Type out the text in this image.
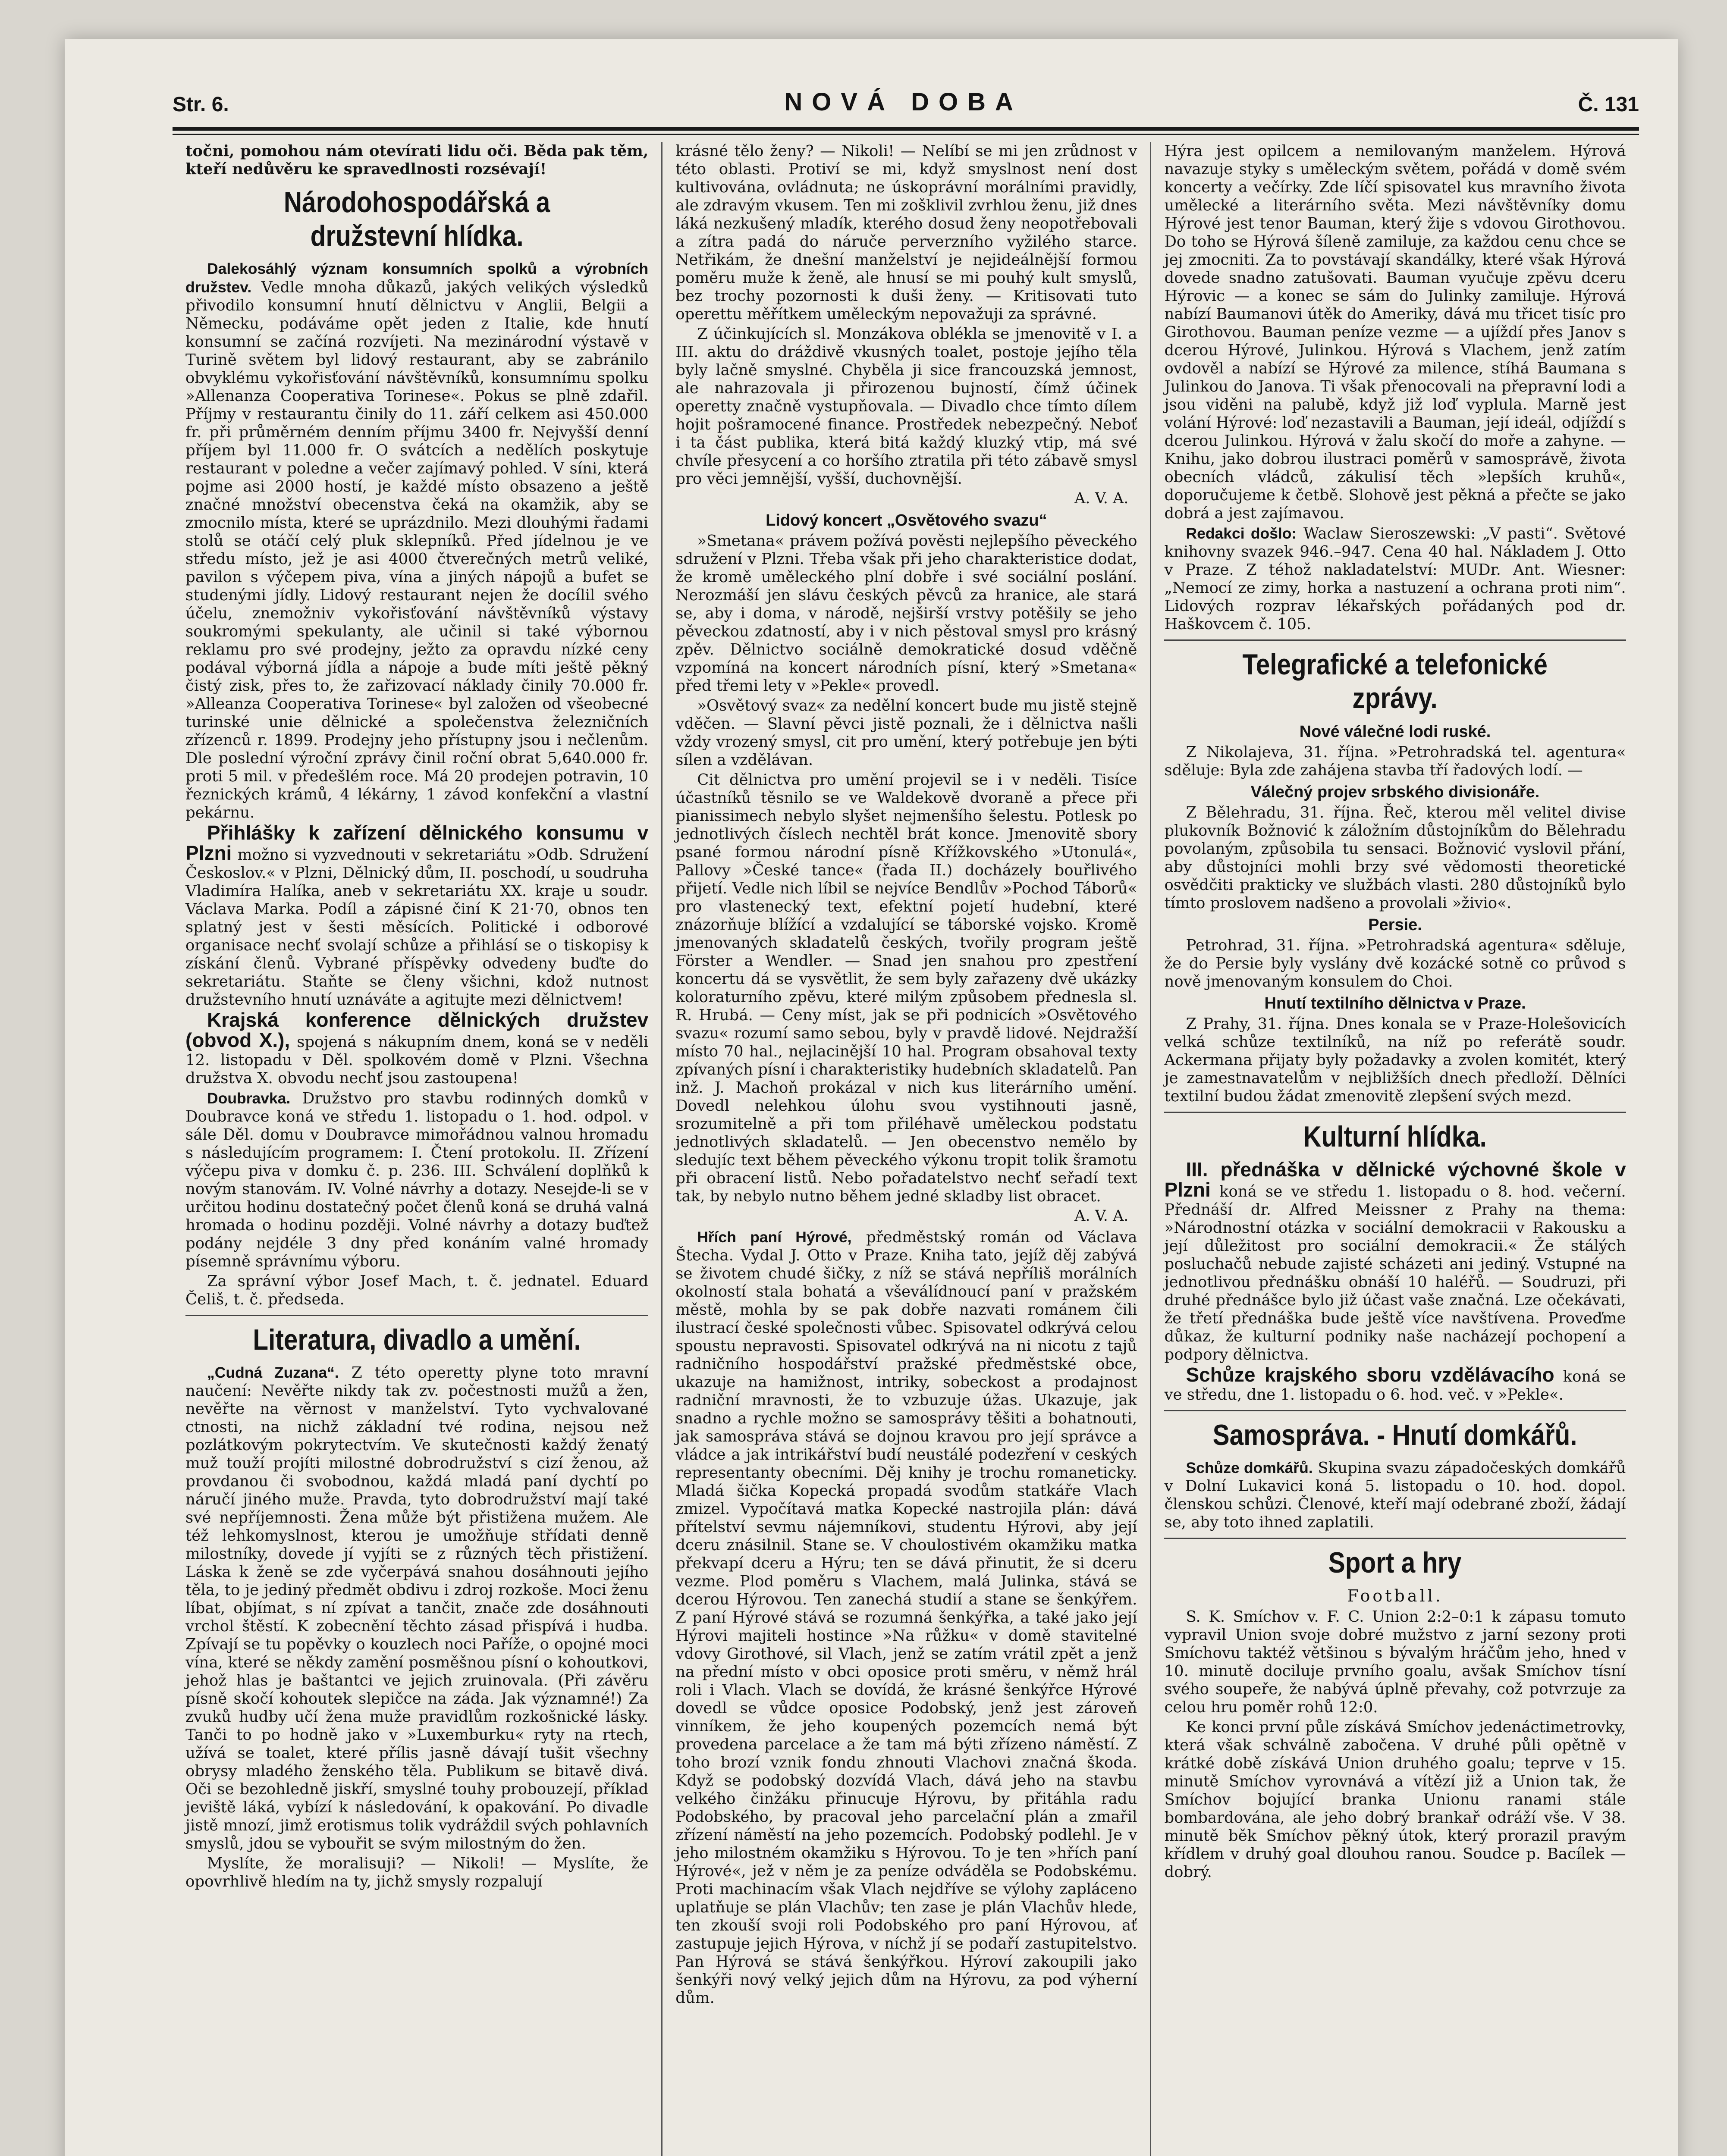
Str. 6.	NOVÁ DOBA	Č. 131

točni, pomohou nám otevírati lidu oči. Běda pak těm, kteří nedůvěru ke spravedlnosti rozsévají!

Národohospodářská a družstevní hlídka.

Dalekosáhlý význam konsumních spolků a výrobních družstev. Vedle mnoha důkazů, jakých velikých výsledků přivodilo konsumní hnutí dělnictvu v Anglii, Belgii a Německu, podáváme opět jeden z Italie, kde hnutí konsumní se začíná rozvíjeti. Na mezinárodní výstavě v Turině světem byl lidový restaurant, aby se zabránilo obvyklému vykořisťování návštěvníků, konsumnímu spolku »Allenanza Cooperativa Torinese«. Pokus se plně zdařil. Příjmy v restaurantu činily do 11. září celkem asi 450.000 fr. při průměrném denním příjmu 3400 fr. Nejvyšší denní příjem byl 11.000 fr. O svátcích a nedělích poskytuje restaurant v poledne a večer zajímavý pohled. V síni, která pojme asi 2000 hostí, je každé místo obsazeno a ještě značné množství obecenstva čeká na okamžik, aby se zmocnilo místa, které se uprázdnilo. Mezi dlouhými řadami stolů se otáčí celý pluk sklepníků. Před jídelnou je ve středu místo, jež je asi 4000 čtverečných metrů veliké, pavilon s výčepem piva, vína a jiných nápojů a bufet se studenými jídly. Lidový restaurant nejen že docílil svého účelu, znemožniv vykořisťování návštěvníků výstavy soukromými spekulanty, ale učinil si také výbornou reklamu pro své prodejny, ježto za opravdu nízké ceny podával výborná jídla a nápoje a bude míti ještě pěkný čistý zisk, přes to, že zařizovací náklady činily 70.000 fr. »Alleanza Cooperativa Torinese« byl založen od všeobecné turinské unie dělnické a společenstva železničních zřízenců r. 1899. Prodejny jeho přístupny jsou i nečlenům. Dle poslední výroční zprávy činil roční obrat 5,640.000 fr. proti 5 mil. v předešlém roce. Má 20 prodejen potravin, 10 řeznických krámů, 4 lékárny, 1 závod konfekční a vlastní pekárnu.

Přihlášky k zařízení dělnického konsumu v Plzni možno si vyzvednouti v sekretariátu »Odb. Sdružení Českoslov.« v Plzni, Dělnický dům, II. poschodí, u soudruha Vladimíra Halíka, aneb v sekretariátu XX. kraje u soudr. Václava Marka. Podíl a zápisné činí K 21·70, obnos ten splatný jest v šesti měsících. Politické i odborové organisace nechť svolají schůze a přihlásí se o tiskopisy k získání členů. Vybrané příspěvky odvedeny buďte do sekretariátu. Staňte se členy všichni, kdož nutnost družstevního hnutí uznáváte a agitujte mezi dělnictvem!

Krajská konference dělnických družstev (obvod X.), spojená s nákupním dnem, koná se v neděli 12. listopadu v Děl. spolkovém domě v Plzni. Všechna družstva X. obvodu nechť jsou zastoupena!

Doubravka. Družstvo pro stavbu rodinných domků v Doubravce koná ve středu 1. listopadu o 1. hod. odpol. v sále Děl. domu v Doubravce mimořádnou valnou hromadu s následujícím programem: I. Čtení protokolu. II. Zřízení výčepu piva v domku č. p. 236. III. Schválení doplňků k novým stanovám. IV. Volné návrhy a dotazy. Nesejde-li se v určitou hodinu dostatečný počet členů koná se druhá valná hromada o hodinu později. Volné návrhy a dotazy buďtež podány nejdéle 3 dny před konáním valné hromady písemně správnímu výboru.

Za správní výbor Josef Mach, t. č. jednatel. Eduard Čeliš, t. č. předseda.

Literatura, divadlo a umění.

„Cudná Zuzana“. Z této operetty plyne toto mravní naučení: Nevěřte nikdy tak zv. počestnosti mužů a žen, nevěřte na věrnost v manželství. Tyto vychvalované ctnosti, na nichž základní tvé rodina, nejsou než pozlátkovým pokrytectvím. Ve skutečnosti každý ženatý muž touží projíti milostné dobrodružství s cizí ženou, až provdanou či svobodnou, každá mladá paní dychtí po náručí jiného muže. Pravda, tyto dobrodružství mají také své nepříjemnosti. Žena může být přistižena mužem. Ale též lehkomyslnost, kterou je umožňuje střídati denně milostníky, dovede jí vyjíti se z různých těch přistižení. Láska k ženě se zde vyčerpává snahou dosáhnouti jejího těla, to je jediný předmět obdivu i zdroj rozkoše. Moci ženu líbat, objímat, s ní zpívat a tančit, znače zde dosáhnouti vrchol štěstí. K zobecnění těchto zásad přispívá i hudba. Zpívají se tu popěvky o kouzlech noci Paříže, o opojné moci vína, které se někdy zamění posměšnou písní o kohoutkovi, jehož hlas je baštantci ve jejich zruinovala. (Při závěru písně skočí kohoutek slepičce na záda. Jak významné!) Za zvuků hudby učí žena muže pravidlům rozkošnické lásky. Tanči to po hodně jako v »Luxemburku« ryty na rtech, užívá se toalet, které přílis jasně dávají tušit všechny obrysy mladého ženského těla. Publikum se bitavě divá. Oči se bezohledně jiskří, smyslné touhy probouzejí, příklad jeviště láká, vybízí k následování, k opakování. Po divadle jistě mnozí, jimž erotismus tolik vydráždil svých pohlavních smyslů, jdou se vybouřit se svým milostným do žen.

Myslíte, že moralisuji? — Nikoli! — Myslíte, že opovrhlivě hledím na ty, jichž smysly rozpalují

krásné tělo ženy? — Nikoli! — Nelíbí se mi jen zrůdnost v této oblasti. Protiví se mi, když smyslnost není dost kultivována, ovládnuta; ne úskoprávní morálními pravidly, ale zdravým vkusem. Ten mi zošklivil zvrhlou ženu, již dnes láká nezkušený mladík, kterého dosud ženy neopotřebovali a zítra padá do náruče perverzního vyžilého starce. Netřikám, že dnešní manželství je nejideálnější formou poměru muže k ženě, ale hnusí se mi pouhý kult smyslů, bez trochy pozornosti k duši ženy. — Kritisovati tuto operettu měřítkem uměleckým nepovažuji za správné.

Z účinkujících sl. Monzákova oblékla se jmenovitě v I. a III. aktu do dráždivě vkusných toalet, postoje jejího těla byly lačně smyslné. Chyběla ji sice francouzská jemnost, ale nahrazovala ji přirozenou bujností, čímž účinek operetty značně vystupňovala. — Divadlo chce tímto dílem hojit pošramocené finance. Prostředek nebezpečný. Neboť i ta část publika, která bitá každý kluzký vtip, má své chvíle přesycení a co horšího ztratila při této zábavě smysl pro věci jemnější, vyšší, duchovnější.

A. V. A.

Lidový koncert „Osvětového svazu“

»Smetana« právem požívá pověsti nejlepšího pěveckého sdružení v Plzni. Třeba však při jeho charakteristice dodat, že kromě uměleckého plní dobře i své sociální poslání. Nerozmáší jen slávu českých pěvců za hranice, ale stará se, aby i doma, v národě, nejširší vrstvy potěšily se jeho pěveckou zdatností, aby i v nich pěstoval smysl pro krásný zpěv. Dělnictvo sociálně demokratické dosud vděčně vzpomíná na koncert národních písní, který »Smetana« před třemi lety v »Pekle« provedl.

»Osvětový svaz« za nedělní koncert bude mu jistě stejně vděčen. — Slavní pěvci jistě poznali, že i dělnictva našli vždy vrozený smysl, cit pro umění, který potřebuje jen býti sílen a vzdělávan.

Cit dělnictva pro umění projevil se i v neděli. Tisíce účastníků těsnilo se ve Waldekově dvoraně a přece při pianissimech nebylo slyšet nejmenšího šelestu. Potlesk po jednotlivých číslech nechtěl brát konce. Jmenovitě sbory psané formou národní písně Křížkovského »Utonulá«, Pallovy »České tance« (řada II.) docházely bouřlivého přijetí. Vedle nich líbil se nejvíce Bendlův »Pochod Táborů« pro vlastenecký text, efektní pojetí hudební, které znázorňuje blížící a vzdalující se táborské vojsko. Kromě jmenovaných skladatelů českých, tvořily program ještě Förster a Wendler. — Snad jen snahou pro zpestření koncertu dá se vysvětlit, že sem byly zařazeny dvě ukázky koloraturního zpěvu, které milým způsobem přednesla sl. R. Hrubá. — Ceny míst, jak se při podnicích »Osvětového svazu« rozumí samo sebou, byly v pravdě lidové. Nejdražší místo 70 hal., nejlacinější 10 hal. Program obsahoval texty zpívaných písní i charakteristiky hudebních skladatelů. Pan inž. J. Machoň prokázal v nich kus literárního umění. Dovedl nelehkou úlohu svou vystihnouti jasně, srozumitelně a při tom přiléhavě uměleckou podstatu jednotlivých skladatelů. — Jen obecenstvo nemělo by sledujíc text během pěveckého výkonu tropit tolik šramotu při obracení listů. Nebo pořadatelstvo nechť seřadí text tak, by nebylo nutno během jedné skladby list obracet.

A. V. A.

Hřích paní Hýrové, předměstský román od Václava Štecha. Vydal J. Otto v Praze. Kniha tato, jejíž děj zabývá se životem chudé šičky, z níž se stává nepříliš morálních okolností stala bohatá a vševálídnoucí paní v pražském městě, mohla by se pak dobře nazvati románem čili ilustrací české společnosti vůbec. Spisovatel odkrývá celou spoustu nepravosti. Spisovatel odkrývá na ni nicotu z tajů radničního hospodářství pražské předměstské obce, ukazuje na hamižnost, intriky, sobeckost a prodajnost radniční mravnosti, že to vzbuzuje úžas. Ukazuje, jak snadno a rychle možno se samosprávy těšiti a bohatnouti, jak samospráva stává se dojnou kravou pro její správce a vládce a jak intrikářství budí neustálé podezření v ceských representanty obecními. Děj knihy je trochu romaneticky. Mladá šička Kopecká propadá svodům statkáře Vlach zmizel. Vypočítavá matka Kopecké nastrojila plán: dává přítelství sevmu nájemníkovi, studentu Hýrovi, aby její dceru znásilnil. Stane se. V choulostivém okamžiku matka překvapí dceru a Hýru; ten se dává přinutit, že si dceru vezme. Plod poměru s Vlachem, malá Julinka, stává se dcerou Hýrovou. Ten zanechá studií a stane se šenkýřem. Z paní Hýrové stává se rozumná šenkýřka, a také jako její Hýrovi majiteli hostince »Na růžku« v domě stavitelné vdovy Girothové, sil Vlach, jenž se zatím vrátil zpět a jenž na přední místo v obci oposice proti směru, v němž hrál roli i Vlach. Vlach se dovídá, že krásné šenkýřce Hýrové dovedl se vůdce oposice Podobský, jenž jest zároveň vinníkem, že jeho koupených pozemcích nemá být provedena parcelace a že tam má býti zřízeno náměstí. Z toho brozí vznik fondu zhnouti Vlachovi značná škoda. Když se podobský dozvídá Vlach, dává jeho na stavbu velkého činžáku přinucuje Hýrovu, by přitáhla radu Podobského, by pracoval jeho parcelační plán a zmařil zřízení náměstí na jeho pozemcích. Podobský podlehl. Je v jeho milostném okamžiku s Hýrovou. To je ten »hřích paní Hýrové«, jež v něm je za peníze odváděla se Podobskému. Proti machinacím však Vlach nejdříve se výlohy zapláceno uplatňuje se plán Vlachův; ten zase je plán Vlachův hlede, ten zkouší svoji roli Podobského pro paní Hýrovou, ať zastupuje jejich Hýrova, v níchž jí se podaří zastupitelstvo. Pan Hýrová se stává šenkýřkou. Hýroví zakoupili jako šenkýři nový velký jejich dům na Hýrovu, za pod výherní dům.

Hýra jest opilcem a nemilovaným manželem. Hýrová navazuje styky s uměleckým světem, pořádá v domě svém koncerty a večírky. Zde líčí spisovatel kus mravního života umělecké a literárního světa. Mezi návštěvníky domu Hýrové jest tenor Bauman, který žije s vdovou Girothovou. Do toho se Hýrová šíleně zamiluje, za každou cenu chce se jej zmocniti. Za to povstávají skandálky, které však Hýrová dovede snadno zatušovati. Bauman vyučuje zpěvu dceru Hýrovic — a konec se sám do Julinky zamiluje. Hýrová nabízí Baumanovi útěk do Ameriky, dává mu třicet tisíc pro Girothovou. Bauman peníze vezme — a ujíždí přes Janov s dcerou Hýrové, Julinkou. Hýrová s Vlachem, jenž zatím ovdověl a nabízí se Hýrové za milence, stíhá Baumana s Julinkou do Janova. Ti však přenocovali na přepravní lodi a jsou viděni na palubě, když již loď vyplula. Marně jest volání Hýrové: loď nezastavili a Bauman, její ideál, odjíždí s dcerou Julinkou. Hýrová v žalu skočí do moře a zahyne. — Knihu, jako dobrou ilustraci poměrů v samosprávě, života obecních vládců, zákulisí těch »lepších kruhů«, doporučujeme k četbě. Slohově jest pěkná a přečte se jako dobrá a jest zajímavou.

Redakci došlo: Waclaw Sieroszewski: „V pasti“. Světové knihovny svazek 946.–947. Cena 40 hal. Nákladem J. Otto v Praze. Z téhož nakladatelství: MUDr. Ant. Wiesner: „Nemocí ze zimy, horka a nastuzení a ochrana proti nim“. Lidových rozprav lékařských pořádaných pod dr. Haškovcem č. 105.

Telegrafické a telefonické zprávy.
Nové válečné lodi ruské.

Z Nikolajeva, 31. října. »Petrohradská tel. agentura« sděluje: Byla zde zahájena stavba tří řadových lodí. —

Válečný projev srbského divisionáře.

Z Bělehradu, 31. října. Řeč, kterou měl velitel divise plukovník Božnović k záložním důstojníkům do Bělehradu povolaným, způsobila tu sensaci. Božnović vyslovil přání, aby důstojníci mohli brzy své vědomosti theoretické osvědčiti prakticky ve službách vlasti. 280 důstojníků bylo tímto proslovem nadšeno a provolali »živio«.

Persie.

Petrohrad, 31. října. »Petrohradská agentura« sděluje, že do Persie byly vyslány dvě kozácké sotně co průvod s nově jmenovaným konsulem do Choi.

Hnutí textilního dělnictva v Praze.

Z Prahy, 31. října. Dnes konala se v Praze-Holešovicích velká schůze textilníků, na níž po referátě soudr. Ackermana přijaty byly požadavky a zvolen komitét, který je zamestnavatelům v nejbližších dnech předloží. Dělníci textilní budou žádat zmenovitě zlepšení svých mezd.

Kulturní hlídka.

III. přednáška v dělnické výchovné škole v Plzni koná se ve středu 1. listopadu o 8. hod. večerní. Přednáší dr. Alfred Meissner z Prahy na thema: »Národnostní otázka v sociální demokracii v Rakousku a její důležitost pro sociální demokracii.« Že stálých posluchačů nebude zajisté scházeti ani jediný. Vstupné na jednotlivou přednášku obnáší 10 haléřů. — Soudruzi, při druhé přednášce bylo již účast vaše značná. Lze očekávati, že třetí přednáška bude ještě více navštívena. Proveďme důkaz, že kulturní podniky naše nacházejí pochopení a podpory dělnictva.

Schůze krajského sboru vzdělávacího koná se ve středu, dne 1. listopadu o 6. hod. več. v »Pekle«.

Samospráva. - Hnutí domkářů.

Schůze domkářů. Skupina svazu západočeských domkářů v Dolní Lukavici koná 5. listopadu o 10. hod. dopol. členskou schůzi. Členové, kteří mají odebrané zboží, žádají se, aby toto ihned zaplatili.

Sport a hry
Football.

S. K. Smíchov v. F. C. Union 2:2–0:1 k zápasu tomuto vypravil Union svoje dobré mužstvo z jarní sezony proti Smíchovu taktéž většinou s bývalým hráčům jeho, hned v 10. minutě dociluje prvního goalu, avšak Smíchov tísní svého soupeře, že nabývá úplně převahy, což potvrzuje za celou hru poměr rohů 12:0.

Ke konci první půle získává Smíchov jedenáctimetrovky, která však schválně zabočena. V druhé půli opětně v krátké době získává Union druhého goalu; teprve v 15. minutě Smíchov vyrovnává a vítězí již a Union tak, že Smíchov bojující branka Unionu ranami stále bombardována, ale jeho dobrý brankař odráží vše. V 38. minutě běk Smíchov pěkný útok, který prorazil pravým křídlem v druhý goal dlouhou ranou. Soudce p. Bacílek — dobrý.
